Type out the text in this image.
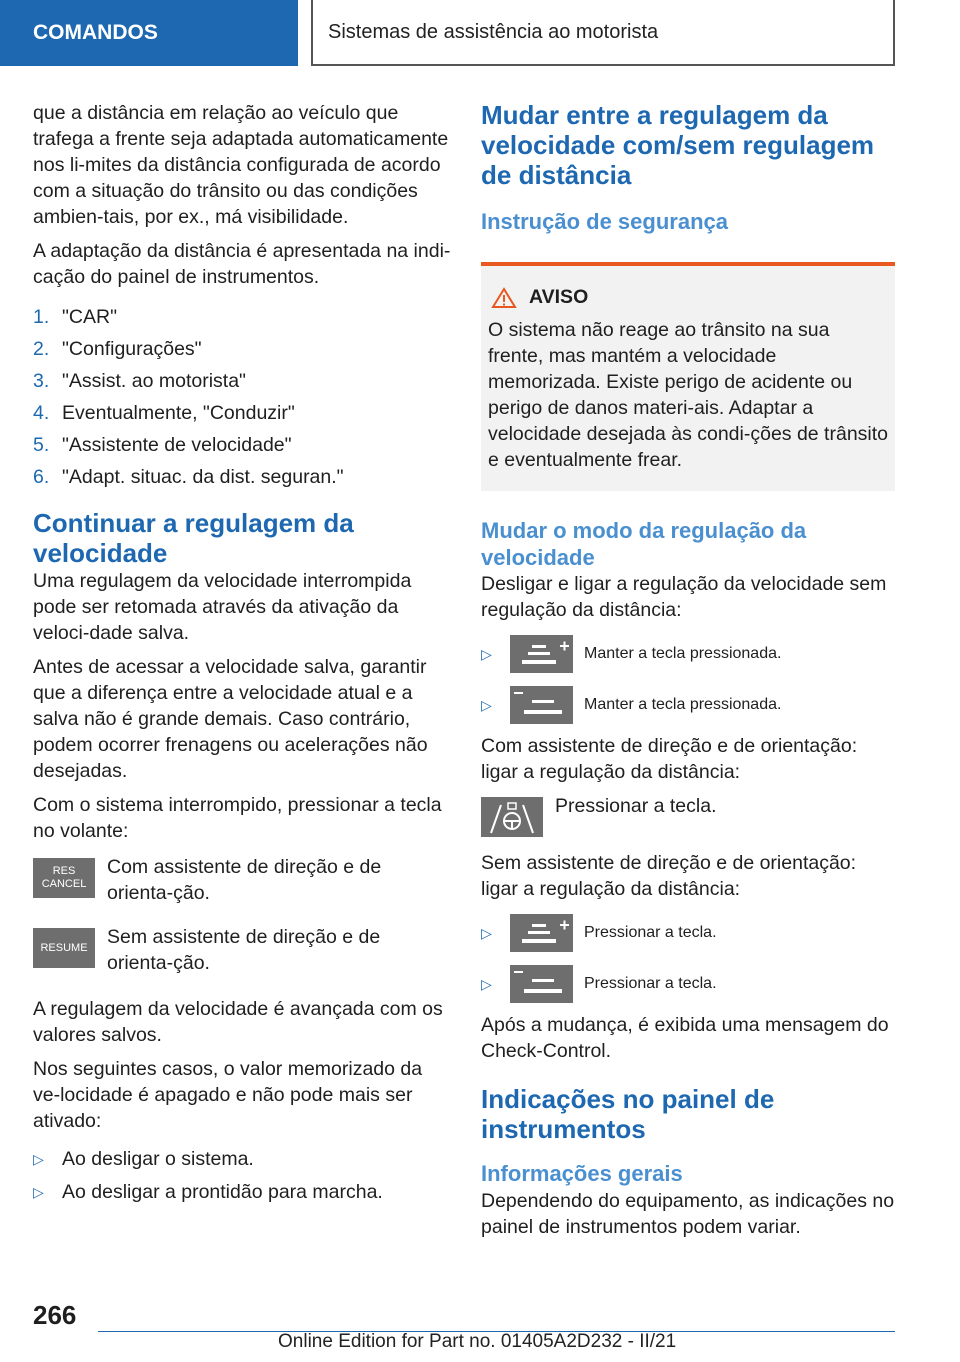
COMANDOS	Sistemas de assistência ao motorista

que a distância em relação ao veículo que trafega a frente seja adaptada automaticamente nos li-mites da distância configurada de acordo com a situação do trânsito ou das condições ambien-tais, por ex., má visibilidade.

A adaptação da distância é apresentada na indi-cação do painel de instrumentos.

1. "CAR"
2. "Configurações"
3. "Assist. ao motorista"
4. Eventualmente, "Conduzir"
5. "Assistente de velocidade"
6. "Adapt. situac. da dist. seguran."
Continuar a regulagem da velocidade

Uma regulagem da velocidade interrompida pode ser retomada através da ativação da veloci-dade salva.

Antes de acessar a velocidade salva, garantir que a diferença entre a velocidade atual e a salva não é grande demais. Caso contrário, podem ocorrer frenagens ou acelerações não desejadas.

Com o sistema interrompido, pressionar a tecla no volante:

RES
CANCEL
Com assistente de direção e de orienta-ção.
RESUME Sem assistente de direção e de orienta-ção.

A regulagem da velocidade é avançada com os valores salvos.

Nos seguintes casos, o valor memorizado da ve-locidade é apagado e não pode mais ser ativado:

▷ Ao desligar o sistema.
▷ Ao desligar a prontidão para marcha.
Mudar entre a regulagem da velocidade com/sem regulagem de distância
Instrução de segurança
AVISO

O sistema não reage ao trânsito na sua frente, mas mantém a velocidade memorizada. Existe perigo de acidente ou perigo de danos materi-ais. Adaptar a velocidade desejada às condi-ções de trânsito e eventualmente frear.

Mudar o modo da regulação da velocidade

Desligar e ligar a regulação da velocidade sem regulação da distância:

▷	Manter a tecla pressionada.
▷	Manter a tecla pressionada.

Com assistente de direção e de orientação: ligar a regulação da distância:

Pressionar a tecla.

Sem assistente de direção e de orientação: ligar a regulação da distância:

▷	Pressionar a tecla.
▷	Pressionar a tecla.

Após a mudança, é exibida uma mensagem do Check-Control.

Indicações no painel de instrumentos
Informações gerais

Dependendo do equipamento, as indicações no painel de instrumentos podem variar.

266
Online Edition for Part no. 01405A2D232 - II/21
